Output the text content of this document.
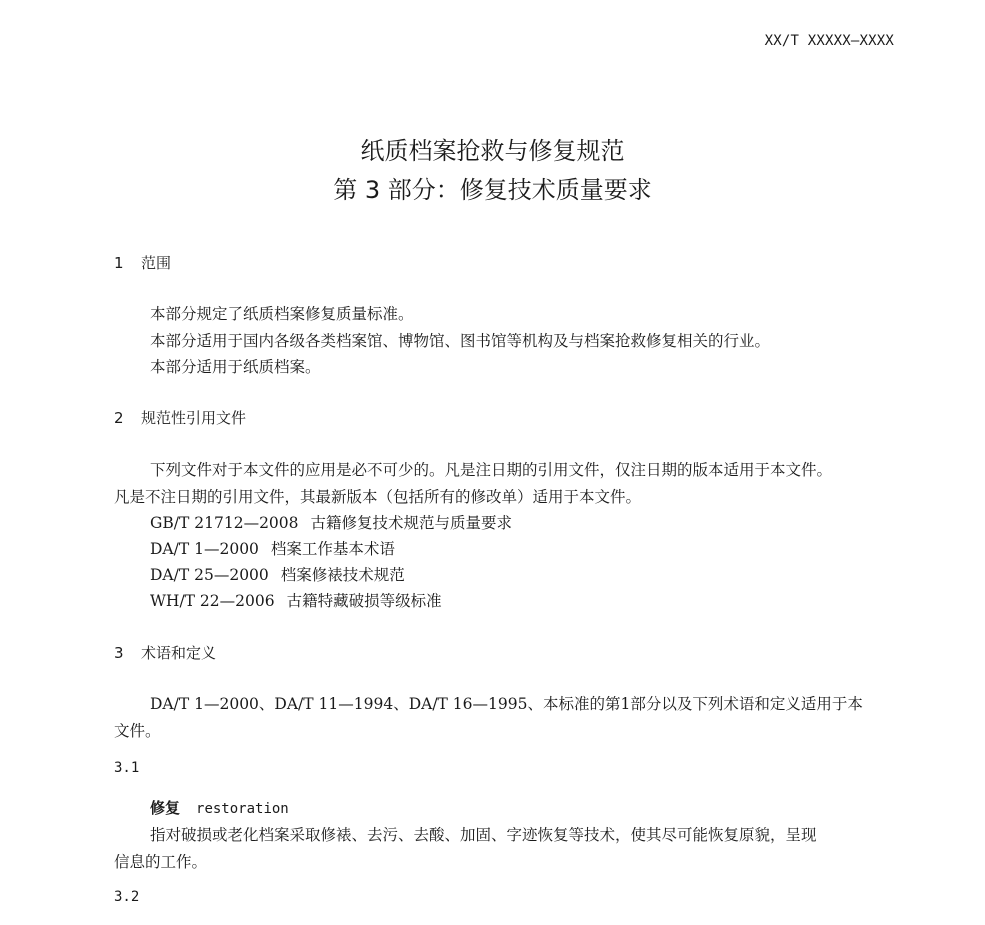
XX/T XXXXX—XXXX
纸质档案抢救与修复规范
第 3 部分：修复技术质量要求
1 范围
本部分规定了纸质档案修复质量标准。
本部分适用于国内各级各类档案馆、博物馆、图书馆等机构及与档案抢救修复相关的行业。
本部分适用于纸质档案。
2 规范性引用文件
下列文件对于本文件的应用是必不可少的。凡是注日期的引用文件，仅注日期的版本适用于本文件。
凡是不注日期的引用文件，其最新版本（包括所有的修改单）适用于本文件。
GB/T 21712—2008 古籍修复技术规范与质量要求
DA/T 1—2000 档案工作基本术语
DA/T 25—2000 档案修裱技术规范
WH/T 22—2006 古籍特藏破损等级标准
3 术语和定义
DA/T 1—2000、DA/T 11—1994、DA/T 16—1995、本标准的第1部分以及下列术语和定义适用于本
文件。
3.1
修复 restoration
指对破损或老化档案采取修裱、去污、去酸、加固、字迹恢复等技术，使其尽可能恢复原貌，呈现
信息的工作。
3.2
